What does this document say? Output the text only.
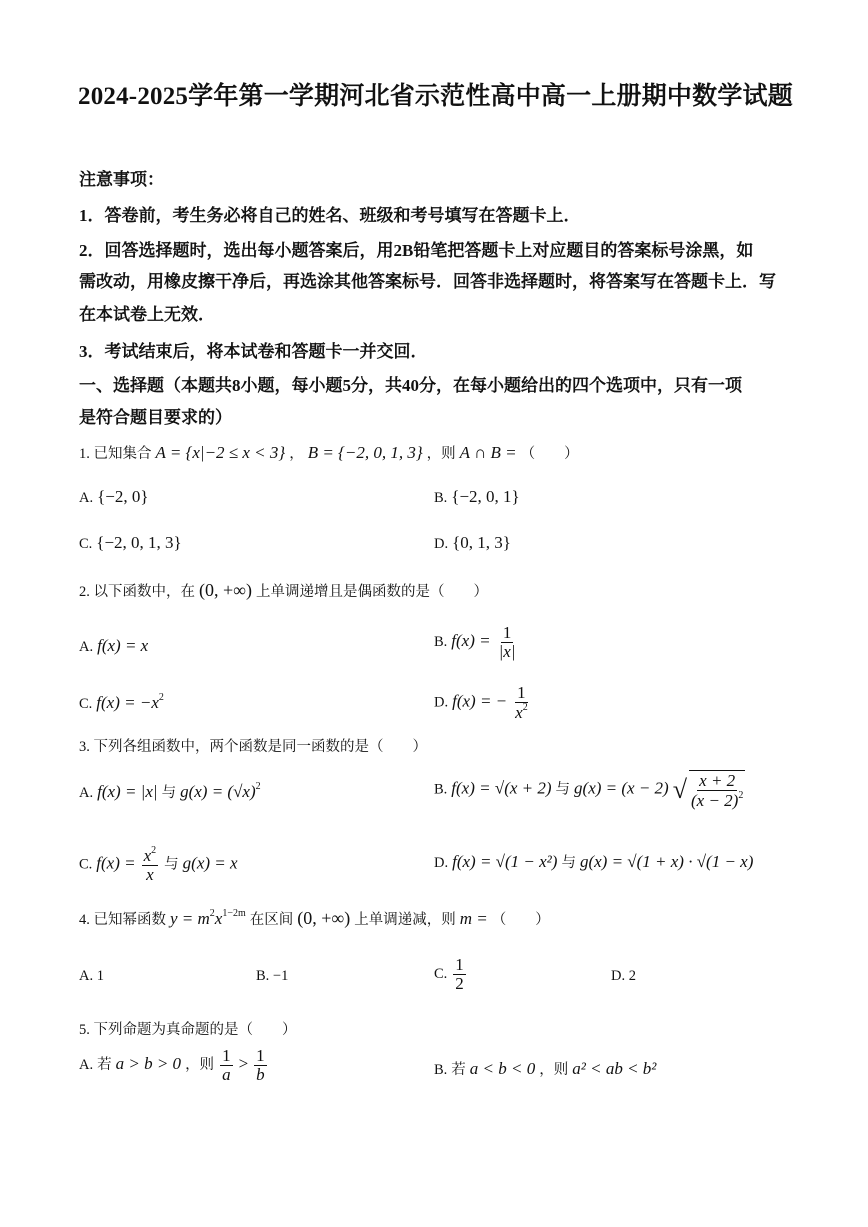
2024-2025学年第一学期河北省示范性高中高一上册期中数学试题
注意事项：
1．答卷前，考生务必将自己的姓名、班级和考号填写在答题卡上．
2．回答选择题时，选出每小题答案后，用2B铅笔把答题卡上对应题目的答案标号涂黑，如
需改动，用橡皮擦干净后，再选涂其他答案标号．回答非选择题时，将答案写在答题卡上．写
在本试卷上无效．
3．考试结束后，将本试卷和答题卡一并交回．
一、选择题（本题共8小题，每小题5分，共40分，在每小题给出的四个选项中，只有一项
是符合题目要求的）
1. 已知集合 A = {x|−2 ≤ x < 3} ， B = {−2, 0, 1, 3} ，则 A ∩ B = （　　）
A. {−2, 0}	B. {−2, 0, 1}
C. {−2, 0, 1, 3}	D. {0, 1, 3}
2. 以下函数中，在 (0, +∞) 上单调递增且是偶函数的是（　　）
A. f(x) = x	B. $f(x) = \frac{1}{|x|}$
C. $f(x) = -x^2$	D. f(x) = − $\frac{1}{x^2}$
3. 下列各组函数中，两个函数是同一函数的是（　　）
A. f(x) = |x| 与 $g(x) = (√x)^2$	B. f(x) = √(x + 2) 与 g(x) = (x − 2) √ $\frac{x + 2}{(x - 2)^2}$
C. $f(x) = \frac{x^2}{x}$ 与 g(x) = x	D. f(x) = √(1 − x²) 与 g(x) = √(1 + x) · √(1 − x)
4. 已知幂函数 $y = m^2x^{1-2m}$ 在区间 (0, +∞) 上单调递减，则 m = （　　）
A. 1	B. −1	C. $\frac{1}{2}$	D. 2
5. 下列命题为真命题的是（　　）
A. 若 a > b > 0 ，则 $\frac{1}{a} > \frac{1}{b}$	B. 若 a < b < 0 ，则 a² < ab < b²
